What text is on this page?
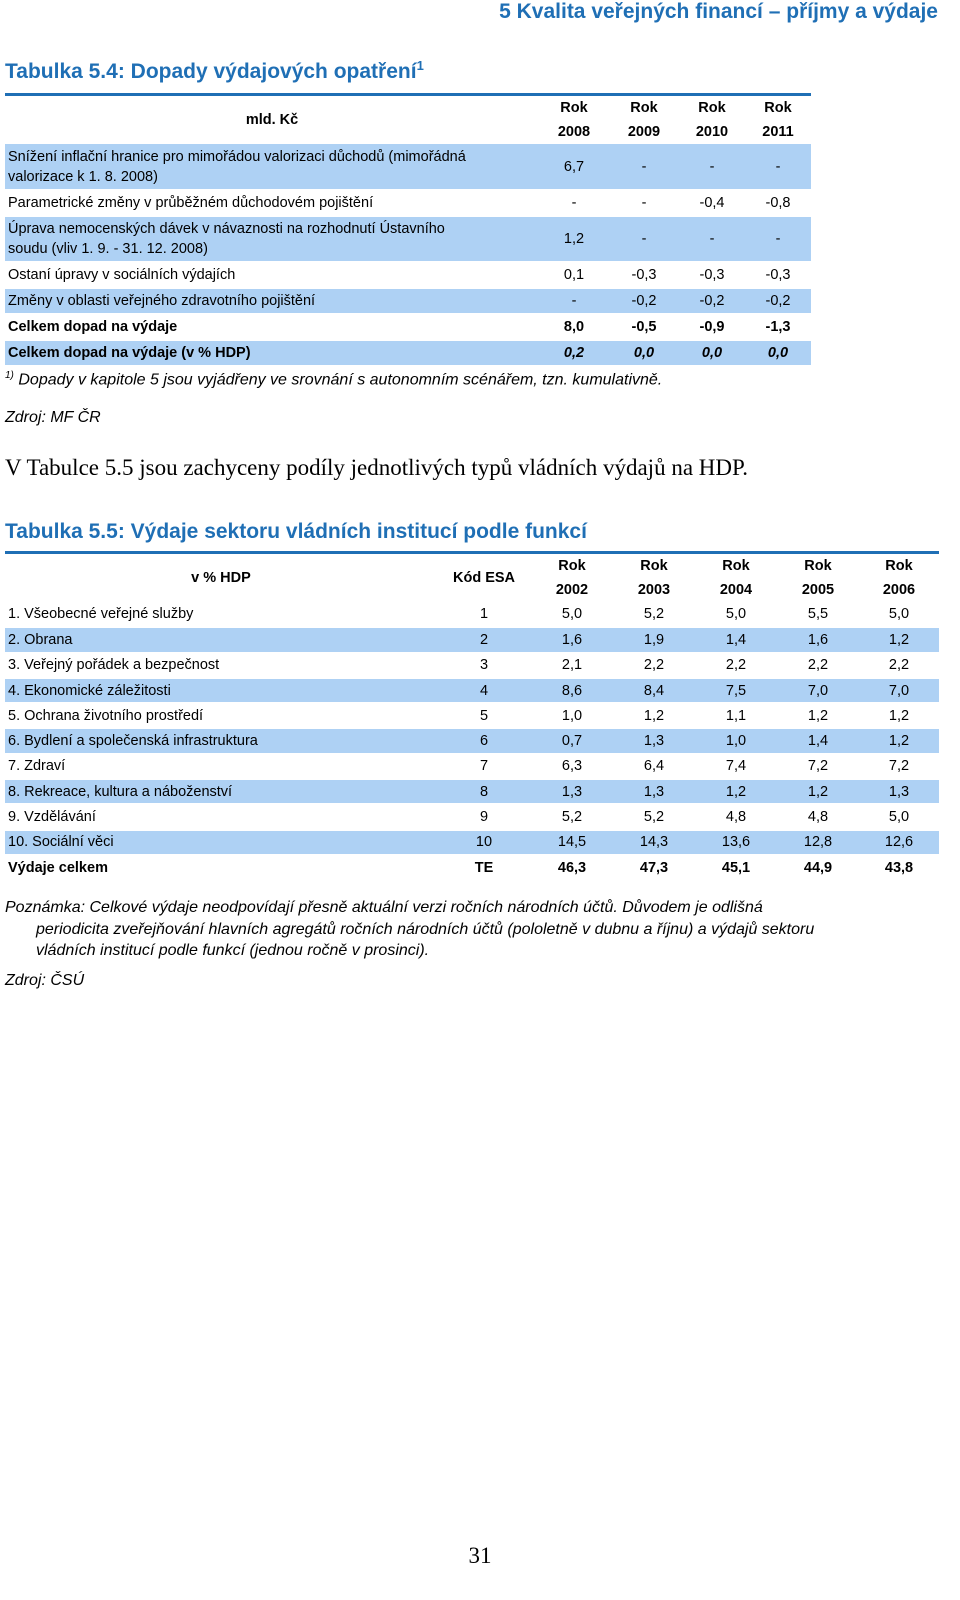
5 Kvalita veřejných financí – příjmy a výdaje
Tabulka 5.4: Dopady výdajových opatření$^1$
mld. Kč	Rok	Rok	Rok	Rok
	2008	2009	2010	2011

Snížení inflační hranice pro mimořádou valorizaci důchodů (mimořádná
valorizace k 1. 8. 2008)	6,7	-	-	-

Parametrické změny v průběžném důchodovém pojištění	-	-	-0,4	-0,8

Úprava nemocenských dávek v návaznosti na rozhodnutí Ústavního
soudu (vliv 1. 9. - 31. 12. 2008)	1,2	-	-	-

Ostaní úpravy v sociálních výdajích	0,1	-0,3	-0,3	-0,3

Změny v oblasti veřejného zdravotního pojištění	-	-0,2	-0,2	-0,2

Celkem dopad na výdaje	8,0	-0,5	-0,9	-1,3

Celkem dopad na výdaje (v % HDP)	0,2	0,0	0,0	0,0
$^{1)}$ Dopady v kapitole 5 jsou vyjádřeny ve srovnání s autonomním scénářem, tzn. kumulativně.
Zdroj: MF ČR
V Tabulce 5.5 jsou zachyceny podíly jednotlivých typů vládních výdajů na HDP.
Tabulka 5.5: Výdaje sektoru vládních institucí podle funkcí
v % HDP	Kód ESA	Rok	Rok	Rok	Rok	Rok
		2002	2003	2004	2005	2006
1. Všeobecné veřejné služby	1	5,0	5,2	5,0	5,5	5,0
2. Obrana	2	1,6	1,9	1,4	1,6	1,2
3. Veřejný pořádek a bezpečnost	3	2,1	2,2	2,2	2,2	2,2
4. Ekonomické záležitosti	4	8,6	8,4	7,5	7,0	7,0
5. Ochrana životního prostředí	5	1,0	1,2	1,1	1,2	1,2
6. Bydlení a společenská infrastruktura	6	0,7	1,3	1,0	1,4	1,2
7. Zdraví	7	6,3	6,4	7,4	7,2	7,2
8. Rekreace, kultura a náboženství	8	1,3	1,3	1,2	1,2	1,3
9. Vzdělávání	9	5,2	5,2	4,8	4,8	5,0
10. Sociální věci	10	14,5	14,3	13,6	12,8	12,6
Výdaje celkem	TE	46,3	47,3	45,1	44,9	43,8
Poznámka: Celkové výdaje neodpovídají přesně aktuální verzi ročních národních účtů. Důvodem je odlišná
periodicita zveřejňování hlavních agregátů ročních národních účtů (pololetně v dubnu a říjnu) a výdajů sektoru
vládních institucí podle funkcí (jednou ročně v prosinci).
Zdroj: ČSÚ
31
